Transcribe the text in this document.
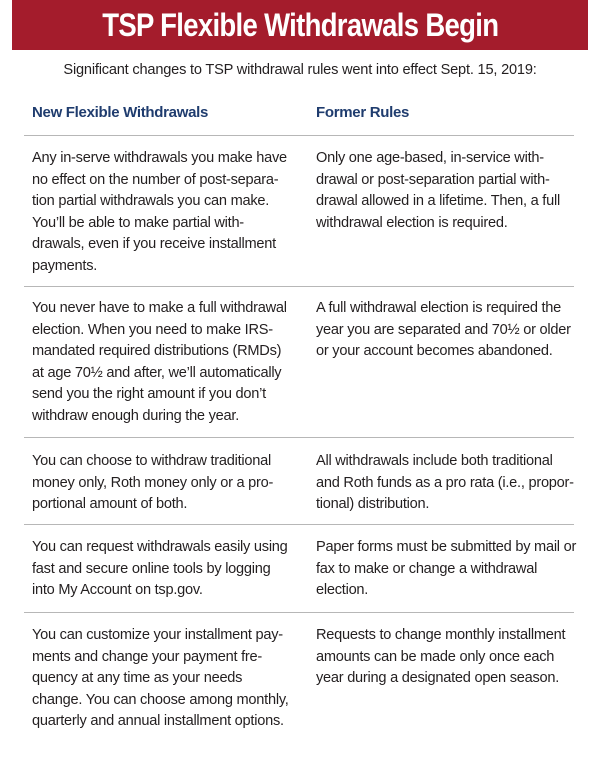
TSP Flexible Withdrawals Begin
Significant changes to TSP withdrawal rules went into effect Sept. 15, 2019:
New Flexible Withdrawals	Former Rules
Any in-serve withdrawals you make have no effect on the number of post-separa- tion partial withdrawals you can make. You’ll be able to make partial with- drawals, even if you receive installment payments.
Only one age-based, in-service with- drawal or post-separation partial with- drawal allowed in a lifetime. Then, a full withdrawal election is required.
You never have to make a full withdrawal election. When you need to make IRS- mandated required distributions (RMDs) at age 70½ and after, we’ll automatically send you the right amount if you don’t withdraw enough during the year.
A full withdrawal election is required the year you are separated and 70½ or older or your account becomes abandoned.
You can choose to withdraw traditional money only, Roth money only or a pro- portional amount of both.
All withdrawals include both traditional and Roth funds as a pro rata (i.e., propor- tional) distribution.
You can request withdrawals easily using fast and secure online tools by logging into My Account on tsp.gov.
Paper forms must be submitted by mail or fax to make or change a withdrawal election.
You can customize your installment pay- ments and change your payment fre- quency at any time as your needs change. You can choose among monthly, quarterly and annual installment options.
Requests to change monthly installment amounts can be made only once each year during a designated open season.
